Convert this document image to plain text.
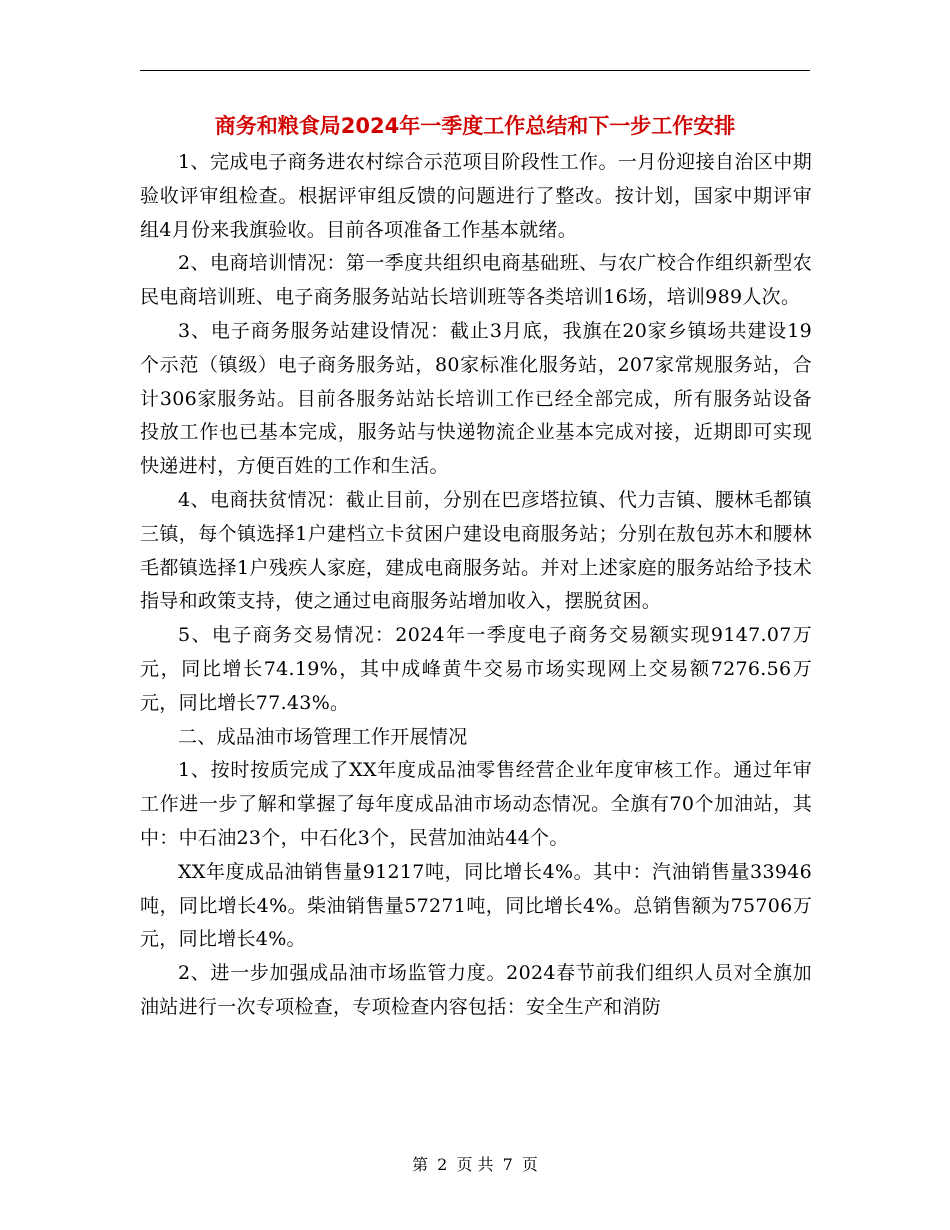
商务和粮食局2024年一季度工作总结和下一步工作安排

1、完成电子商务进农村综合示范项目阶段性工作。一月份迎接自治区中期验收评审组检查。根据评审组反馈的问题进行了整改。按计划，国家中期评审组4月份来我旗验收。目前各项准备工作基本就绪。

2、电商培训情况：第一季度共组织电商基础班、与农广校合作组织新型农民电商培训班、电子商务服务站站长培训班等各类培训16场，培训989人次。

3、电子商务服务站建设情况：截止3月底，我旗在20家乡镇场共建设19个示范（镇级）电子商务服务站，80家标准化服务站，207家常规服务站，合计306家服务站。目前各服务站站长培训工作已经全部完成，所有服务站设备投放工作也已基本完成，服务站与快递物流企业基本完成对接，近期即可实现快递进村，方便百姓的工作和生活。

4、电商扶贫情况：截止目前，分别在巴彦塔拉镇、代力吉镇、腰林毛都镇三镇，每个镇选择1户建档立卡贫困户建设电商服务站；分别在敖包苏木和腰林毛都镇选择1户残疾人家庭，建成电商服务站。并对上述家庭的服务站给予技术指导和政策支持，使之通过电商服务站增加收入，摆脱贫困。

5、电子商务交易情况：2024年一季度电子商务交易额实现9147.07万元，同比增长74.19%，其中成峰黄牛交易市场实现网上交易额7276.56万元，同比增长77.43%。

二、成品油市场管理工作开展情况

1、按时按质完成了XX年度成品油零售经营企业年度审核工作。通过年审工作进一步了解和掌握了每年度成品油市场动态情况。全旗有70个加油站，其中：中石油23个，中石化3个，民营加油站44个。

XX年度成品油销售量91217吨，同比增长4%。其中：汽油销售量33946吨，同比增长4%。柴油销售量57271吨，同比增长4%。总销售额为75706万元，同比增长4%。

2、进一步加强成品油市场监管力度。2024春节前我们组织人员对全旗加油站进行一次专项检查，专项检查内容包括：安全生产和消防

第 2 页 共 7 页
